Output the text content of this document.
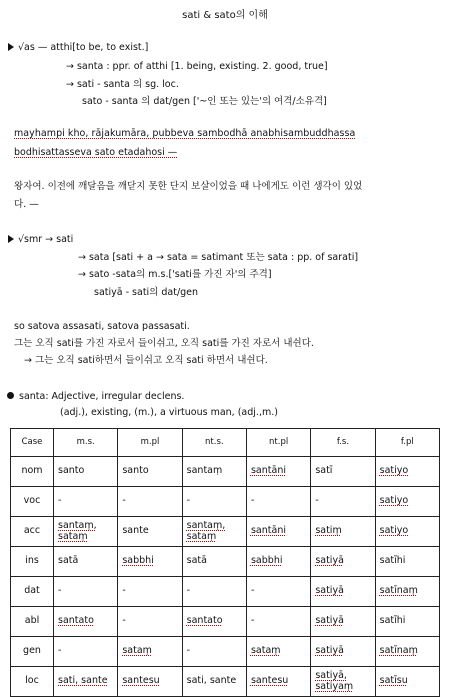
sati & sato의 이해
√as — atthi[to be, to exist.]
→ santa : ppr. of atthi [1. being, existing. 2. good, true]
→ sati - santa 의 sg. loc.
sato - santa 의 dat/gen ['~인 또는 있는'의 여격/소유격]
mayhampi kho, rājakumāra, pubbeva sambodhā anabhisambuddhassa
bodhisattasseva sato etadahosi —
왕자여. 이전에 깨달음을 깨닫지 못한 단지 보살이었을 때 나에게도 이런 생각이 있었
다. —
√smr → sati
→ sata [sati + a → sata = satimant 또는 sata : pp. of sarati]
→ sato -sata의 m.s.['sati를 가진 자'의 주격]
satiyā - sati의 dat/gen
so satova assasati, satova passasati.
그는 오직 sati를 가진 자로서 들이쉬고, 오직 sati를 가진 자로서 내쉰다.
→ 그는 오직 sati하면서 들이쉬고 오직 sati 하면서 내쉰다.
santa: Adjective, irregular declens.
(adj.), existing, (m.), a virtuous man, (adj.,m.)
Case	m.s.	m.pl	nt.s.	nt.pl	f.s.	f.pl
nom	santo	santo	santaṃ	santāni	satī	satiyo
voc	-	-	-	-	-	satiyo
acc	santaṃ, sataṃ	sante	santaṃ, sataṃ	santāni	satiṃ	satiyo
ins	satā	sabbhi	satā	sabbhi	satiyā	satīhi
dat	-	-	-	-	satiyā	satīnaṃ
abl	santato	-	santato	-	satiyā	satīhi
gen	-	sataṃ	-	sataṃ	satiyā	satīnaṃ
loc	sati, sante	santesu	sati, sante	santesu	satiyā, satiyaṃ	satīsu
